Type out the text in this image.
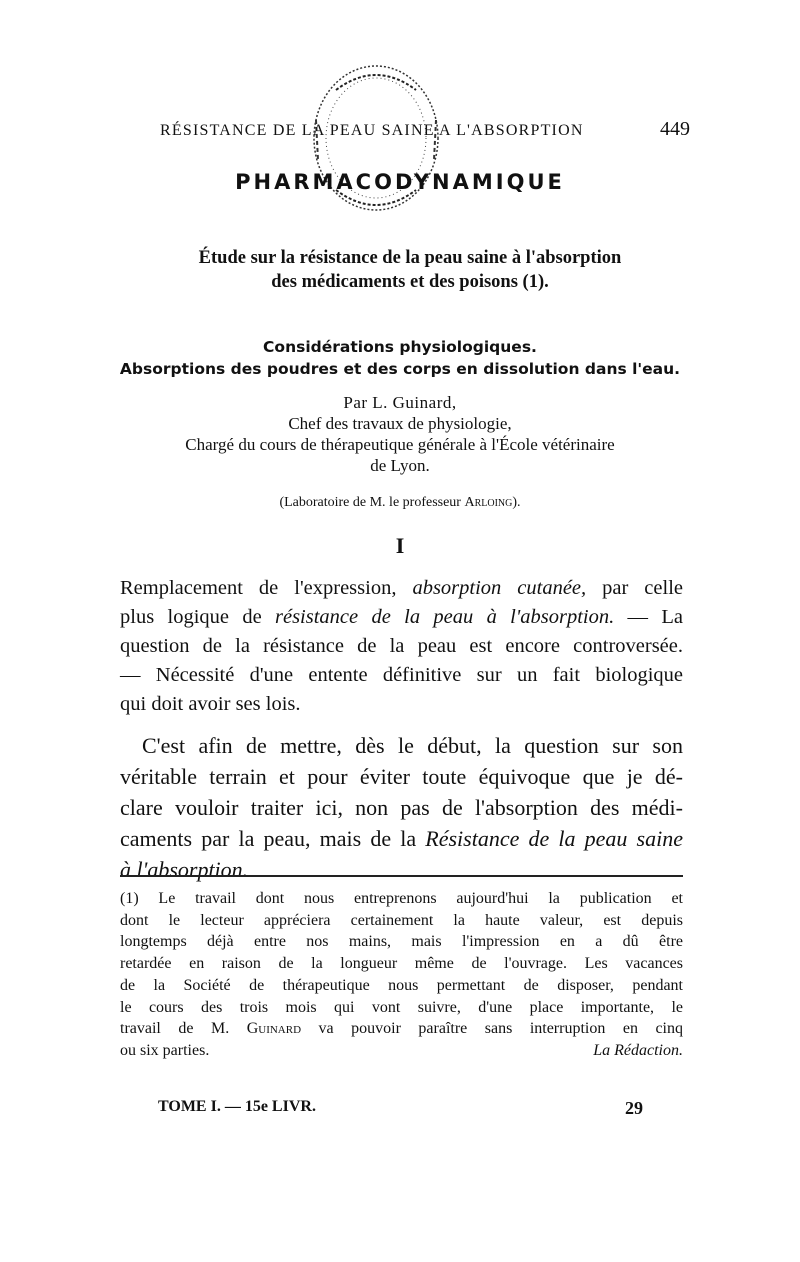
RÉSISTANCE DE LA PEAU SAINE A L'ABSORPTION	449
PHARMACODYNAMIQUE
Étude sur la résistance de la peau saine à l'absorption
des médicaments et des poisons (1).
Considérations physiologiques.
Absorptions des poudres et des corps en dissolution dans l'eau.
Par L. Guinard,
Chef des travaux de physiologie,
Chargé du cours de thérapeutique générale à l'École vétérinaire
de Lyon.
(Laboratoire de M. le professeur Arloing).
I
Remplacement de l'expression, absorption cutanée, par celle
plus logique de résistance de la peau à l'absorption. — La
question de la résistance de la peau est encore controversée.
— Nécessité d'une entente définitive sur un fait biologique
qui doit avoir ses lois.
C'est afin de mettre, dès le début, la question sur son
véritable terrain et pour éviter toute équivoque que je dé-
clare vouloir traiter ici, non pas de l'absorption des médi-
caments par la peau, mais de la Résistance de la peau saine
à l'absorption.
(1) Le travail dont nous entreprenons aujourd'hui la publication et
dont le lecteur appréciera certainement la haute valeur, est depuis
longtemps déjà entre nos mains, mais l'impression en a dû être
retardée en raison de la longueur même de l'ouvrage. Les vacances
de la Société de thérapeutique nous permettant de disposer, pendant
le cours des trois mois qui vont suivre, d'une place importante, le
travail de M. Guinard va pouvoir paraître sans interruption en cinq
ou six parties.	La Rédaction.
TOME I. — 15e LIVR.	29
